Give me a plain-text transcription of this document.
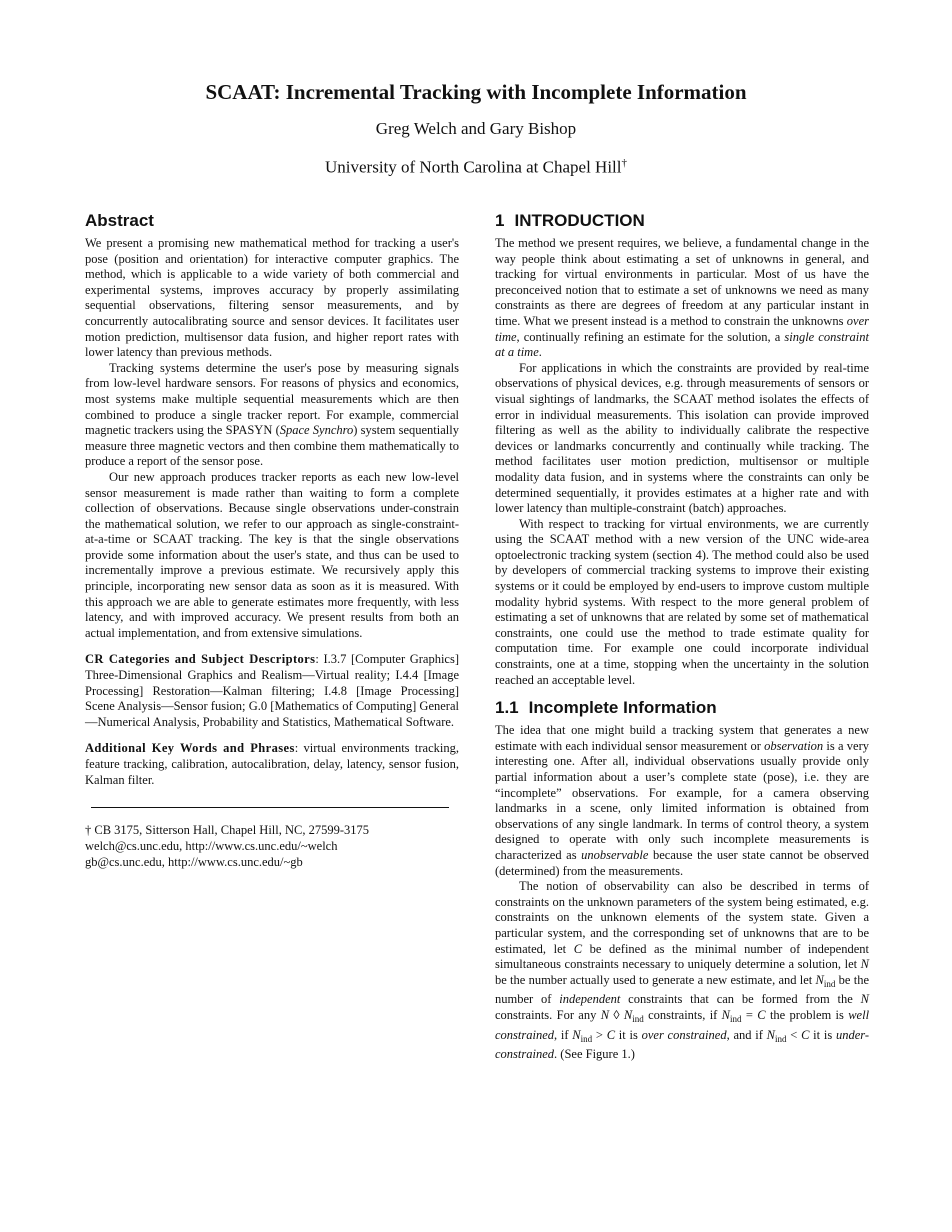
SCAAT: Incremental Tracking with Incomplete Information
Greg Welch and Gary Bishop
University of North Carolina at Chapel Hill†
Abstract

We present a promising new mathematical method for tracking a user's pose (position and orientation) for interactive computer graphics. The method, which is applicable to a wide variety of both commercial and experimental systems, improves accuracy by properly assimilating sequential observations, filtering sensor measurements, and by concurrently autocalibrating source and sensor devices. It facilitates user motion prediction, multisensor data fusion, and higher report rates with lower latency than previous methods.

Tracking systems determine the user's pose by measuring signals from low-level hardware sensors. For reasons of physics and economics, most systems make multiple sequential measurements which are then combined to produce a single tracker report. For example, commercial magnetic trackers using the SPASYN (Space Synchro) system sequentially measure three magnetic vectors and then combine them mathematically to produce a report of the sensor pose.

Our new approach produces tracker reports as each new low-level sensor measurement is made rather than waiting to form a complete collection of observations. Because single observations under-constrain the mathematical solution, we refer to our approach as single-constraint-at-a-time or SCAAT tracking. The key is that the single observations provide some information about the user's state, and thus can be used to incrementally improve a previous estimate. We recursively apply this principle, incorporating new sensor data as soon as it is measured. With this approach we are able to generate estimates more frequently, with less latency, and with improved accuracy. We present results from both an actual implementation, and from extensive simulations.

CR Categories and Subject Descriptors: I.3.7 [Computer Graphics] Three-Dimensional Graphics and Realism—Virtual reality; I.4.4 [Image Processing] Restoration—Kalman filtering; I.4.8 [Image Processing] Scene Analysis—Sensor fusion; G.0 [Mathematics of Computing] General—Numerical Analysis, Probability and Statistics, Mathematical Software.

Additional Key Words and Phrases: virtual environments tracking, feature tracking, calibration, autocalibration, delay, latency, sensor fusion, Kalman filter.

† CB 3175, Sitterson Hall, Chapel Hill, NC, 27599-3175
welch@cs.unc.edu, http://www.cs.unc.edu/~welch
gb@cs.unc.edu, http://www.cs.unc.edu/~gb
1 INTRODUCTION

The method we present requires, we believe, a fundamental change in the way people think about estimating a set of unknowns in general, and tracking for virtual environments in particular. Most of us have the preconceived notion that to estimate a set of unknowns we need as many constraints as there are degrees of freedom at any particular instant in time. What we present instead is a method to constrain the unknowns over time, continually refining an estimate for the solution, a single constraint at a time.

For applications in which the constraints are provided by real-time observations of physical devices, e.g. through measurements of sensors or visual sightings of landmarks, the SCAAT method isolates the effects of error in individual measurements. This isolation can provide improved filtering as well as the ability to individually calibrate the respective devices or landmarks concurrently and continually while tracking. The method facilitates user motion prediction, multisensor or multiple modality data fusion, and in systems where the constraints can only be determined sequentially, it provides estimates at a higher rate and with lower latency than multiple-constraint (batch) approaches.

With respect to tracking for virtual environments, we are currently using the SCAAT method with a new version of the UNC wide-area optoelectronic tracking system (section 4). The method could also be used by developers of commercial tracking systems to improve their existing systems or it could be employed by end-users to improve custom multiple modality hybrid systems. With respect to the more general problem of estimating a set of unknowns that are related by some set of mathematical constraints, one could use the method to trade estimate quality for computation time. For example one could incorporate individual constraints, one at a time, stopping when the uncertainty in the solution reached an acceptable level.

1.1 Incomplete Information

The idea that one might build a tracking system that generates a new estimate with each individual sensor measurement or observation is a very interesting one. After all, individual observations usually provide only partial information about a user’s complete state (pose), i.e. they are “incomplete” observations. For example, for a camera observing landmarks in a scene, only limited information is obtained from observations of any single landmark. In terms of control theory, a system designed to operate with only such incomplete measurements is characterized as unobservable because the user state cannot be observed (determined) from the measurements.

The notion of observability can also be described in terms of constraints on the unknown parameters of the system being estimated, e.g. constraints on the unknown elements of the system state. Given a particular system, and the corresponding set of unknowns that are to be estimated, let C be defined as the minimal number of independent simultaneous constraints necessary to uniquely determine a solution, let N be the number actually used to generate a new estimate, and let $N_{ind}$ be the number of independent constraints that can be formed from the N constraints. For any N ◊ $N_{ind}$ constraints, if $N_{ind} = C$ the problem is well constrained, if $N_{ind} > C$ it is over constrained, and if $N_{ind} < C$ it is under-constrained. (See Figure 1.)
